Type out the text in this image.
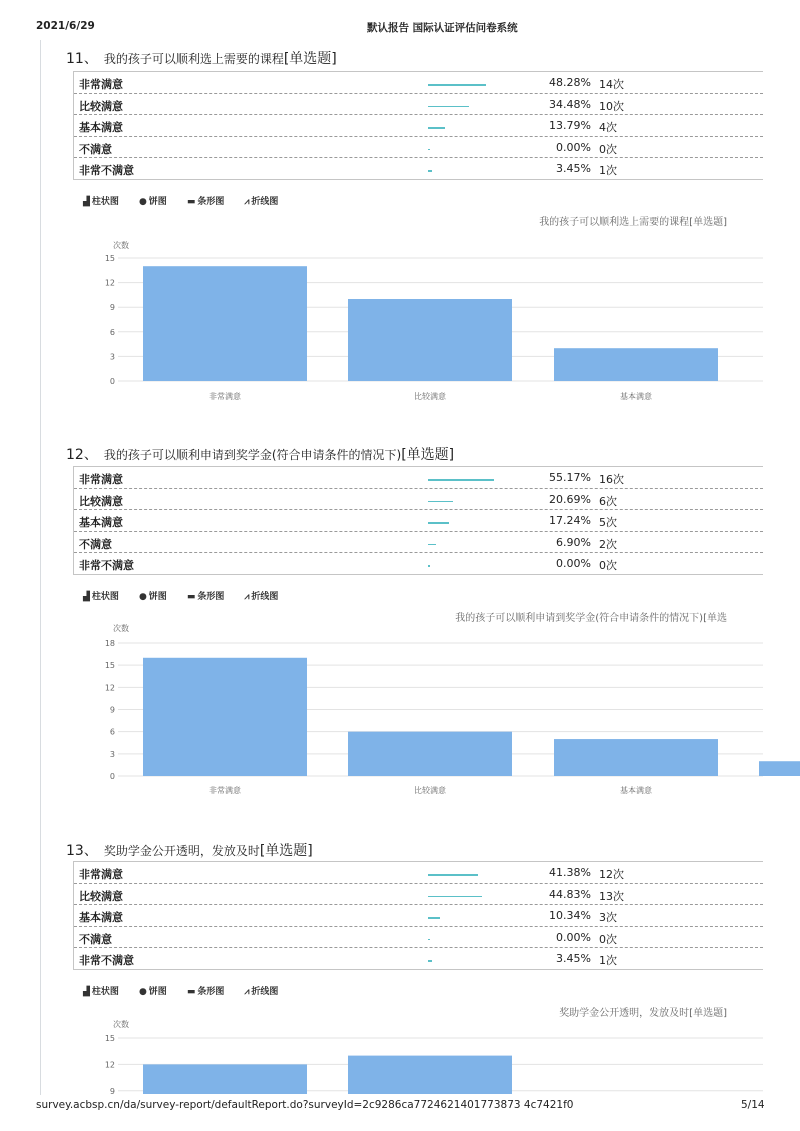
2021/6/29	默认报告 国际认证评估问卷系统
11、 我的孩子可以顺利选上需要的课程[单选题]
非常满意	48.28% 14次
比较满意	34.48% 10次
基本满意	13.79% 4次
不满意	0.00% 0次
非常不满意	3.45% 1次
▟ 柱状图 ● 饼图 ▬ 条形图 ⩘ 折线图
0
3
6
9
12
15
次数
我的孩子可以顺利选上需要的课程[单选题]
非常满意	比较满意	基本满意
12、 我的孩子可以顺利申请到奖学金(符合申请条件的情况下)[单选题]
非常满意	55.17% 16次
比较满意	20.69% 6次
基本满意	17.24% 5次
不满意	6.90% 2次
非常不满意	0.00% 0次
▟ 柱状图 ● 饼图 ▬ 条形图 ⩘ 折线图
0
3
6
9
12
15
18
次数
我的孩子可以顺利申请到奖学金(符合申请条件的情况下)[单选
非常满意	比较满意	基本满意
13、 奖助学金公开透明，发放及时[单选题]
非常满意	41.38% 12次
比较满意	44.83% 13次
基本满意	10.34% 3次
不满意	0.00% 0次
非常不满意	3.45% 1次
▟ 柱状图 ● 饼图 ▬ 条形图 ⩘ 折线图
9
12
15
次数
奖助学金公开透明，发放及时[单选题]
survey.acbsp.cn/da/survey-report/defaultReport.do?surveyId=2c9286ca7724621401773873 4c7421f0	5/14
